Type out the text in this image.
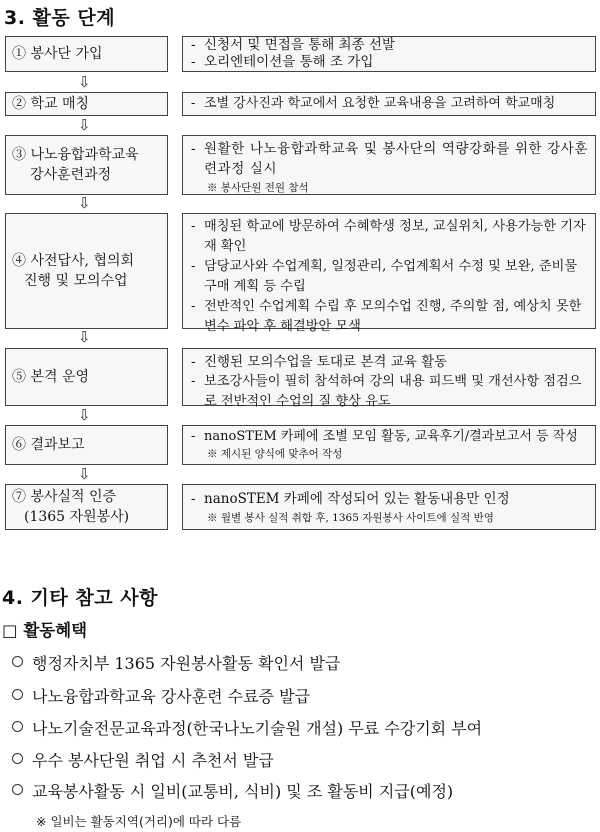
3. 활동 단계
① 봉사단 가입
- 신청서 및 면접을 통해 최종 선발
- 오리엔테이션을 통해 조 가입
⇩
② 학교 매칭
-	조별 강사진과 학교에서 요청한 교육내용을 고려하여 학교매칭
⇩
③ 나노융합과학교육
강사훈련과정
- 원활한 나노융합과학교육 및 봉사단의 역량강화를 위한 강사훈련과정 실시
※ 봉사단원 전원 참석
⇩
④ 사전답사, 협의회
진행 및 모의수업
- 매칭된 학교에 방문하여 수혜학생 정보, 교실위치, 사용가능한 기자재 확인
- 담당교사와 수업계획, 일정관리, 수업계획서 수정 및 보완, 준비물 구매 계획 등 수립
- 전반적인 수업계획 수립 후 모의수업 진행, 주의할 점, 예상치 못한 변수 파악 후 해결방안 모색
⇩
⑤ 본격 운영
- 진행된 모의수업을 토대로 본격 교육 활동
- 보조강사들이 필히 참석하여 강의 내용 피드백 및 개선사항 점검으로 전반적인 수업의 질 향상 유도
⇩
⑥ 결과보고
- nanoSTEM 카페에 조별 모임 활동, 교육후기/결과보고서 등 작성
※ 제시된 양식에 맞추어 작성
⇩
⑦ 봉사실적 인증
(1365 자원봉사)
- nanoSTEM 카페에 작성되어 있는 활동내용만 인정
※ 월별 봉사 실적 취합 후, 1365 자원봉사 사이트에 실적 반영
4. 기타 참고 사항
□ 활동혜택
행정자치부 1365 자원봉사활동 확인서 발급
나노융합과학교육 강사훈련 수료증 발급
나노기술전문교육과정(한국나노기술원 개설) 무료 수강기회 부여
우수 봉사단원 취업 시 추천서 발급
교육봉사활동 시 일비(교통비, 식비) 및 조 활동비 지급(예정)
※ 일비는 활동지역(거리)에 따라 다름
